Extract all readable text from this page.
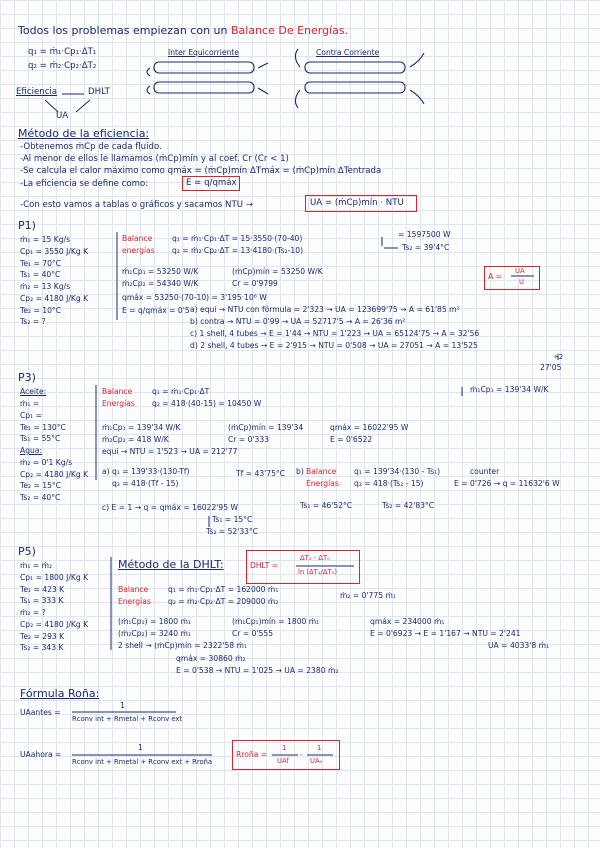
Todos los problemas empiezan con un Balance De Energías.
q₁ = ṁ₁·Cp₁·ΔT₁
q₂ = ṁ₂·Cp₂·ΔT₂
Eficiencia	DHLT
UA
Inter Equicorriente	Contra Corriente
Método de la eficiencia:
-Obtenemos ṁCp de cada fluido.
-Al menor de ellos le llamamos (ṁCp)mín y al coef. Cr (Cr < 1)
-Se calcula el calor máximo como qmáx = (ṁCp)mín ΔTmáx = (ṁCp)mín ΔTentrada
-La eficiencia se define como:	E = q/qmáx
-Con esto vamos a tablas o gráficos y sacamos NTU →	UA = (ṁCp)mín · NTU
P1)
ṁ₁ = 15 Kg/s
Cp₁ = 3550 J/Kg K
Te₁ = 70°C
Ts₁ = 40°C
ṁ₂ = 13 Kg/s
Cp₂ = 4180 J/Kg K
Te₂ = 10°C
Ts₂ = ?
Balance
energías
q₁ = ṁ₁·Cp₁·ΔT = 15·3550·(70-40)	= 1597500 W
q₂ = ṁ₂·Cp₂·ΔT = 13·4180·(Ts₂-10)	Ts₂ = 39'4°C
ṁ₁Cp₁ = 53250 W/K
ṁ₂Cp₂ = 54340 W/K
(ṁCp)mín = 53250 W/K
Cr = 0'9799
qmáx = 53250·(70-10) = 3'195·10⁶ W
E = q/qmáx = 0'5
A =
UA
U
a) equi → NTU con fórmula = 2'323 → UA = 123699'75 → A = 61'85 m²
b) contra → NTU = 0'99 → UA = 52717'5 → A = 26'36 m²
c) 1 shell, 4 tubes → E = 1'44 → NTU = 1'223 → UA = 65124'75 → A = 32'56
d) 2 shell, 4 tubes → E = 2'915 → NTU = 0'508 → UA = 27051 → A = 13'525
÷2
27'05
P3)
Aceite:
ṁ₁ =
Cp₁ =
Te₁ = 130°C
Ts₁ = 55°C
Agua:
ṁ₂ = 0'1 Kg/s
Cp₂ = 4180 J/Kg K
Te₂ = 15°C
Ts₂ = 40°C
Balance
Energías
q₁ = ṁ₁·Cp₁·ΔT
q₂ = 418·(40-15) = 10450 W
ṁ₁Cp₁ = 139'34 W/K
ṁ₁Cp₁ = 139'34 W/K
ṁ₂Cp₂ = 418 W/K
(ṁCp)mín = 139'34
Cr = 0'333
qmáx = 16022'95 W
E = 0'6522
equi → NTU = 1'523 → UA = 212'77
a) q₁ = 139'33·(130-Tf)
q₂ = 418·(Tf - 15)
Tf = 43'75°C b) Balance
Energías
q₁ = 139'34·(130 - Ts₁)
q₂ = 418·(Ts₂ - 15)
counter
E = 0'726 → q = 11632'6 W
Ts₁ = 46'52°C	Ts₂ = 42'83°C
c) E = 1 → q = qmáx = 16022'95 W
Ts₁ = 15°C
Ts₂ = 52'33°C
P5)
ṁ₁ = ṁ₂
Cp₁ = 1800 J/Kg K
Te₁ = 423 K
Ts₁ = 333 K
ṁ₂ = ?
Cp₂ = 4180 J/Kg K
Te₂ = 293 K
Ts₂ = 343 K
Método de la DHLT:	DHLT =
ΔT₁ - ΔT₀
ln (ΔT₁/ΔT₀)
Balance
Energías
q₁ = ṁ₁·Cp₁·ΔT = 162000 ṁ₁
q₂ = ṁ₂·Cp₂·ΔT = 209000 ṁ₂
ṁ₂ = 0'775 ṁ₁
(ṁ₁Cp₁) = 1800 ṁ₁
(ṁ₂Cp₂) = 3240 ṁ₁
(ṁ₁Cp₁)mín = 1800 ṁ₁
Cr = 0'555
qmáx = 234000 ṁ₁
E = 0'6923 → E = 1'167 → NTU = 2'241
UA = 4033'8 ṁ₁
2 shell → (ṁCp)mín = 2322'58 ṁ₁
qmáx = 30860 ṁ₂
E = 0'538 → NTU = 1'025 → UA = 2380 ṁ₂
Fórmula Roña:
UAantes =
1
Rconv int + Rmetal + Rconv ext
UAahora =
1
Rconv int + Rmetal + Rconv ext + Rroña
Rroña =
1
UAf
-
1
UA₀
